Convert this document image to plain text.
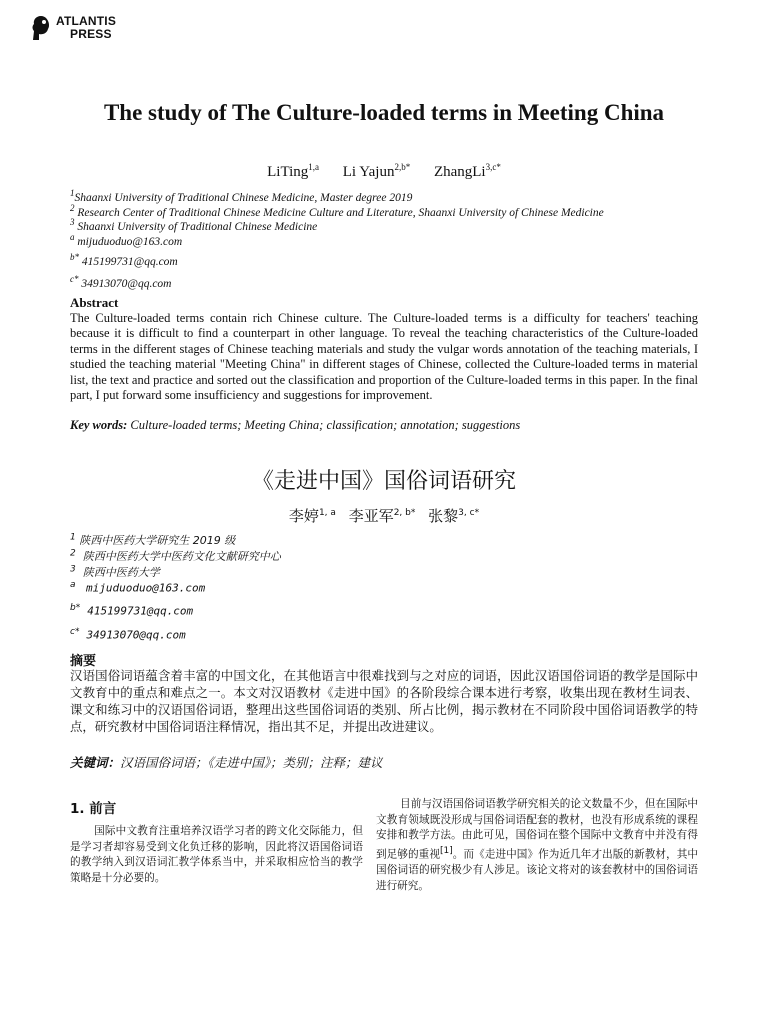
ATLANTIS
PRESS
The study of The Culture-loaded terms in Meeting China
LiTing$^{1,a}$ Li Yajun$^{2,b*}$ ZhangLi$^{3,c*}$
$^1$Shaanxi University of Traditional Chinese Medicine, Master degree 2019
$^2$ Research Center of Traditional Chinese Medicine Culture and Literature, Shaanxi University of Chinese Medicine
$^3$ Shaanxi University of Traditional Chinese Medicine
$^a$ mijuduoduo@163.com
$^{b*}$ 415199731@qq.com
$^{c*}$ 34913070@qq.com
Abstract
The Culture-loaded terms contain rich Chinese culture. The Culture-loaded terms is a difficulty for teachers' teaching because it is difficult to find a counterpart in other language. To reveal the teaching characteristics of the Culture-loaded terms in the different stages of Chinese teaching materials and study the vulgar words annotation of the teaching materials, I studied the teaching material "Meeting China" in different stages of Chinese, collected the Culture-loaded terms in material list, the text and practice and sorted out the classification and proportion of the Culture-loaded terms in this paper. In the final part, I put forward some insufficiency and suggestions for improvement.
Key words: Culture-loaded terms; Meeting China; classification; annotation; suggestions
《走进中国》国俗词语研究
李婷$^{1, a}$ 李亚军$^{2, b*}$ 张黎$^{3, c*}$
$^1$ 陕西中医药大学研究生 2019 级
$^2$ 陕西中医药大学中医药文化文献研究中心
$^3$ 陕西中医药大学
$^a$ mijuduoduo@163.com
$^{b*}$ 415199731@qq.com
$^{c*}$ 34913070@qq.com
摘要
汉语国俗词语蕴含着丰富的中国文化，在其他语言中很难找到与之对应的词语，因此汉语国俗词语的教学是国际中文教育中的重点和难点之一。本文对汉语教材《走进中国》的各阶段综合课本进行考察，收集出现在教材生词表、课文和练习中的汉语国俗词语，整理出这些国俗词语的类别、所占比例，揭示教材在不同阶段中国俗词语教学的特点，研究教材中国俗词语注释情况，指出其不足，并提出改进建议。
关键词：汉语国俗词语；《走进中国》；类别；注释；建议
1. 前言
国际中文教育注重培养汉语学习者的跨文化交际能力，但是学习者却容易受到文化负迁移的影响，因此将汉语国俗词语的教学纳入到汉语词汇教学体系当中，并采取相应恰当的教学策略是十分必要的。
目前与汉语国俗词语教学研究相关的论文数量不少，但在国际中文教育领域既没形成与国俗词语配套的教材，也没有形成系统的课程安排和教学方法。由此可见，国俗词在整个国际中文教育中并没有得到足够的重视[1]。而《走进中国》作为近几年才出版的新教材，其中国俗词语的研究极少有人涉足。该论文将对的该套教材中的国俗词语进行研究。
